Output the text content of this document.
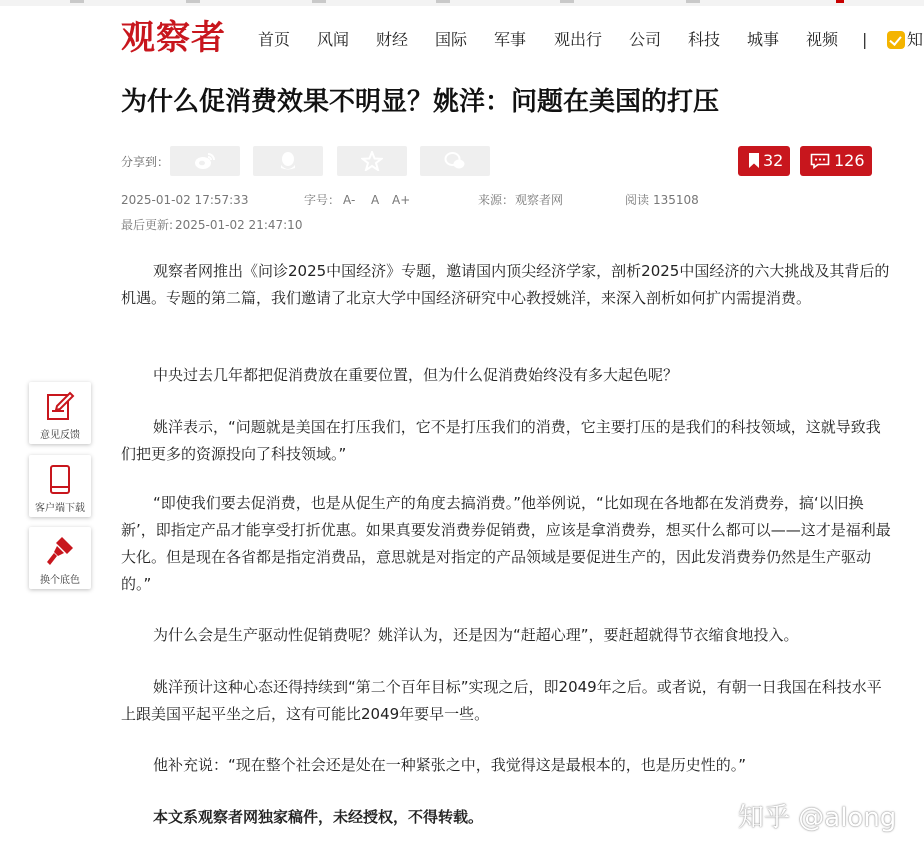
观察者 首页 风闻 财经 国际 军事 观出行 公司 科技 城事 视频 | 知
为什么促消费效果不明显？姚洋：问题在美国的打压
分享到：	32	126
2025-01-02 17:57:33	字号： A- A A+	来源： 观察者网	阅读 135108
最后更新: 2025-01-02 21:47:10

观察者网推出《问诊2025中国经济》专题，邀请国内顶尖经济学家，剖析2025中国经济的六大挑战及其背后的机遇。专题的第二篇，我们邀请了北京大学中国经济研究中心教授姚洋，来深入剖析如何扩内需提消费。

中央过去几年都把促消费放在重要位置，但为什么促消费始终没有多大起色呢？

姚洋表示，“问题就是美国在打压我们，它不是打压我们的消费，它主要打压的是我们的科技领域，这就导致我们把更多的资源投向了科技领域。”

“即使我们要去促消费，也是从促生产的角度去搞消费。”他举例说，“比如现在各地都在发消费券，搞‘以旧换新’，即指定产品才能享受打折优惠。如果真要发消费券促销费，应该是拿消费券，想买什么都可以——这才是福利最大化。但是现在各省都是指定消费品，意思就是对指定的产品领域是要促进生产的，因此发消费券仍然是生产驱动的。”

为什么会是生产驱动性促销费呢？姚洋认为，还是因为“赶超心理”，要赶超就得节衣缩食地投入。

姚洋预计这种心态还得持续到“第二个百年目标”实现之后，即2049年之后。或者说，有朝一日我国在科技水平上跟美国平起平坐之后，这有可能比2049年要早一些。

他补充说：“现在整个社会还是处在一种紧张之中，我觉得这是最根本的，也是历史性的。”

本文系观察者网独家稿件，未经授权，不得转载。

意见反馈
客户端下载
换个底色
知乎 @along
